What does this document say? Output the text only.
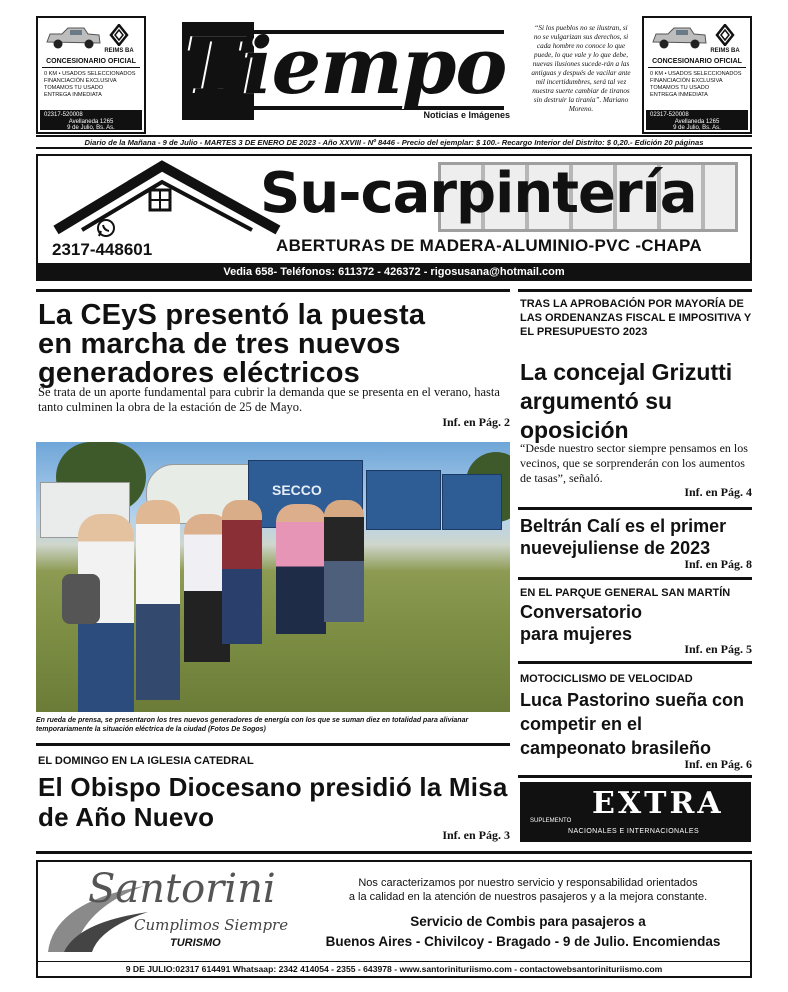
REIMS BA
CONCESIONARIO OFICIAL
0 KM • USADOS SELECCIONADOS
FINANCIACIÓN EXCLUSIVA
TOMAMOS TU USADO
ENTREGA INMEDIATA
02317-520008
Avellaneda 1265
9 de Julio, Bs. As.
Tiempo
Noticias e Imágenes
“Si los pueblos no se ilustran, si no se vulgarizan sus derechos, si cada hombre no conoce lo que puede, lo que vale y lo que debe, nuevas ilusiones sucede-rán a las antiguas y después de vacilar ante mil incertidumbres, será tal vez nuestra suerte cambiar de tiranos sin destruir la tiranía”. Mariano Moreno.
REIMS BA
CONCESIONARIO OFICIAL
0 KM • USADOS SELECCIONADOS
FINANCIACIÓN EXCLUSIVA
TOMAMOS TU USADO
ENTREGA INMEDIATA
02317-520008
Avellaneda 1265
9 de Julio, Bs. As.
Diario de la Mañana - 9 de Julio - MARTES 3 DE ENERO DE 2023 - Año XXVIII - Nº 8446 - Precio del ejemplar: $ 100.- Recargo Interior del Distrito: $ 0,20.- Edición 20 páginas
Su-carpintería
2317-448601	ABERTURAS DE MADERA-ALUMINIO-PVC -CHAPA
Vedia 658- Teléfonos: 611372 - 426372 - rigosusana@hotmail.com
La CEyS presentó la puesta en marcha de tres nuevos generadores eléctricos
Se trata de un aporte fundamental para cubrir la demanda que se presenta en el verano, hasta tanto culminen la obra de la estación de 25 de Mayo.
Inf. en Pág. 2
SECCO
En rueda de prensa, se presentaron los tres nuevos generadores de energía con los que se suman diez en totalidad para alivianar temporariamente la situación eléctrica de la ciudad (Fotos De Sogos)
EL DOMINGO EN LA IGLESIA CATEDRAL
El Obispo Diocesano presidió la Misa de Año Nuevo
Inf. en Pág. 3
TRAS LA APROBACIÓN POR MAYORÍA DE LAS ORDENANZAS FISCAL E IMPOSITIVA Y EL PRESUPUESTO 2023
La concejal Grizutti argumentó su oposición
“Desde nuestro sector siempre pensamos en los vecinos, que se sorprenderán con los aumentos de tasas”, señaló.
Inf. en Pág. 4
Beltrán Calí es el primer nuevejuliense de 2023
Inf. en Pág. 8
EN EL PARQUE GENERAL SAN MARTÍN
Conversatorio para mujeres
Inf. en Pág. 5
MOTOCICLISMO DE VELOCIDAD
Luca Pastorino sueña con competir en el campeonato brasileño
Inf. en Pág. 6
SUPLEMENTO EXTRA
NACIONALES E INTERNACIONALES
Santorini
Cumplimos Siempre
TURISMO
Nos caracterizamos por nuestro servicio y responsabilidad orientados
a la calidad en la atención de nuestros pasajeros y a la mejora constante.
Servicio de Combis para pasajeros a
Buenos Aires - Chivilcoy - Bragado - 9 de Julio. Encomiendas
9 DE JULIO:02317 614491 Whatsaap: 2342 414054 - 2355 - 643978 - www.santorinituriismo.com - contactowebsantorinituriismo.com
